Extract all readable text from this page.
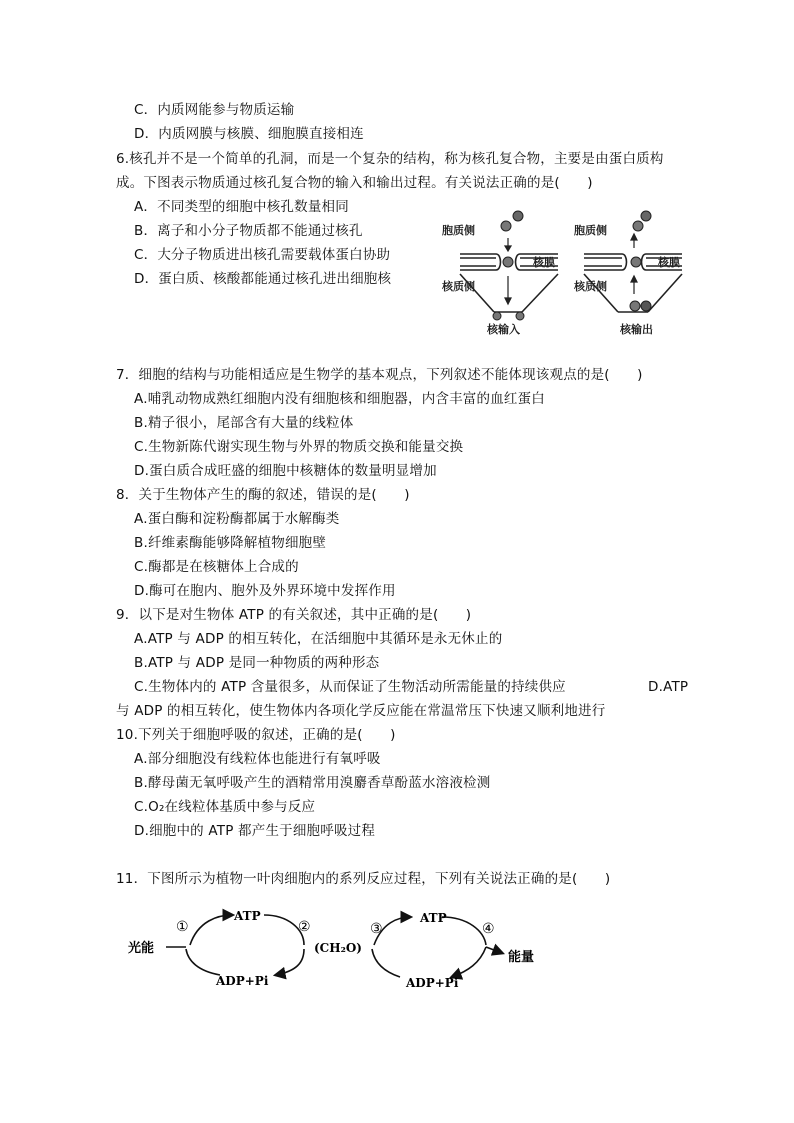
C．内质网能参与物质运输
D．内质网膜与核膜、细胞膜直接相连
6.核孔并不是一个简单的孔洞，而是一个复杂的结构，称为核孔复合物，主要是由蛋白质构
成。下图表示物质通过核孔复合物的输入和输出过程。有关说法正确的是(　　)
A．不同类型的细胞中核孔数量相同
B．离子和小分子物质都不能通过核孔
C．大分子物质进出核孔需要载体蛋白协助
D．蛋白质、核酸都能通过核孔进出细胞核
胞质侧
核质侧
核膜
核输入
胞质侧
核质侧
核膜
核输出
7．细胞的结构与功能相适应是生物学的基本观点，下列叙述不能体现该观点的是(　　)
A.哺乳动物成熟红细胞内没有细胞核和细胞器，内含丰富的血红蛋白
B.精子很小，尾部含有大量的线粒体
C.生物新陈代谢实现生物与外界的物质交换和能量交换
D.蛋白质合成旺盛的细胞中核糖体的数量明显增加
8．关于生物体产生的酶的叙述，错误的是(　　)
A.蛋白酶和淀粉酶都属于水解酶类
B.纤维素酶能够降解植物细胞壁
C.酶都是在核糖体上合成的
D.酶可在胞内、胞外及外界环境中发挥作用
9．以下是对生物体 ATP 的有关叙述，其中正确的是(　　)
A.ATP 与 ADP 的相互转化，在活细胞中其循环是永无休止的
B.ATP 与 ADP 是同一种物质的两种形态
C.生物体内的 ATP 含量很多，从而保证了生物活动所需能量的持续供应	D.ATP
与 ADP 的相互转化，使生物体内各项化学反应能在常温常压下快速又顺利地进行
10.下列关于细胞呼吸的叙述，正确的是(　　)
A.部分细胞没有线粒体也能进行有氧呼吸
B.酵母菌无氧呼吸产生的酒精常用溴麝香草酚蓝水溶液检测
C.O₂在线粒体基质中参与反应
D.细胞中的 ATP 都产生于细胞呼吸过程
11．下图所示为植物一叶肉细胞内的系列反应过程，下列有关说法正确的是(　　)
光能
ATP
ADP+Pi
(CH₂O)
ATP
ADP+Pi
能量
①	②	③	④
